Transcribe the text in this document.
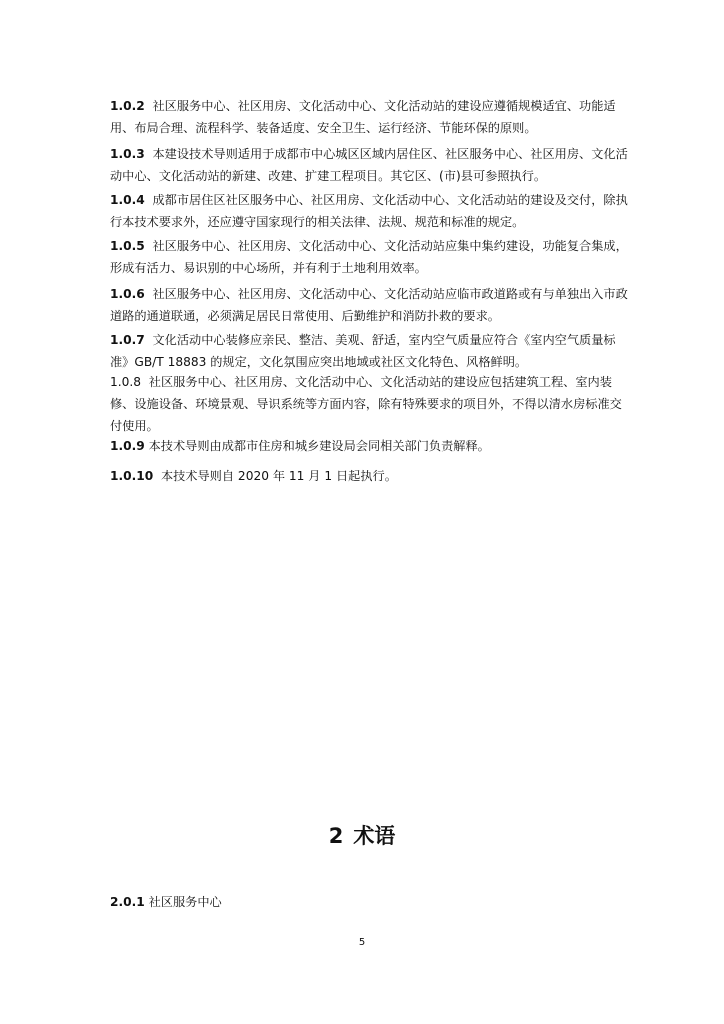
1.0.2 社区服务中心、社区用房、文化活动中心、文化活动站的建设应遵循规模适宜、功能适用、布局合理、流程科学、装备适度、安全卫生、运行经济、节能环保的原则。
1.0.3 本建设技术导则适用于成都市中心城区区域内居住区、社区服务中心、社区用房、文化活动中心、文化活动站的新建、改建、扩建工程项目。其它区、(市)县可参照执行。
1.0.4 成都市居住区社区服务中心、社区用房、文化活动中心、文化活动站的建设及交付，除执行本技术要求外，还应遵守国家现行的相关法律、法规、规范和标准的规定。
1.0.5 社区服务中心、社区用房、文化活动中心、文化活动站应集中集约建设，功能复合集成，形成有活力、易识别的中心场所，并有利于土地利用效率。
1.0.6 社区服务中心、社区用房、文化活动中心、文化活动站应临市政道路或有与单独出入市政道路的通道联通，必须满足居民日常使用、后勤维护和消防扑救的要求。
1.0.7 文化活动中心装修应亲民、整洁、美观、舒适，室内空气质量应符合《室内空气质量标准》GB/T 18883 的规定，文化氛围应突出地域或社区文化特色、风格鲜明。
1.0.8 社区服务中心、社区用房、文化活动中心、文化活动站的建设应包括建筑工程、室内装修、设施设备、环境景观、导识系统等方面内容，除有特殊要求的项目外，不得以清水房标准交付使用。
1.0.9 本技术导则由成都市住房和城乡建设局会同相关部门负责解释。
1.0.10 本技术导则自 2020 年 11 月 1 日起执行。
2 术语
2.0.1 社区服务中心
5
